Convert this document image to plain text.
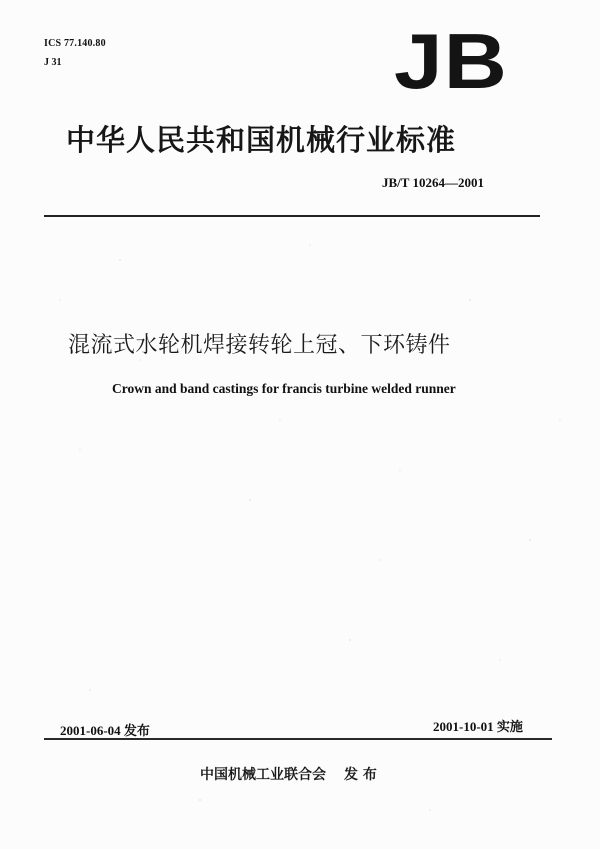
ICS 77.140.80
J 31	JB
中华人民共和国机械行业标准
JB/T 10264—2001
混流式水轮机焊接转轮上冠、下环铸件
Crown and band castings for francis turbine welded runner
2001-06-04 发布	2001-10-01 实施
中国机械工业联合会 发 布
